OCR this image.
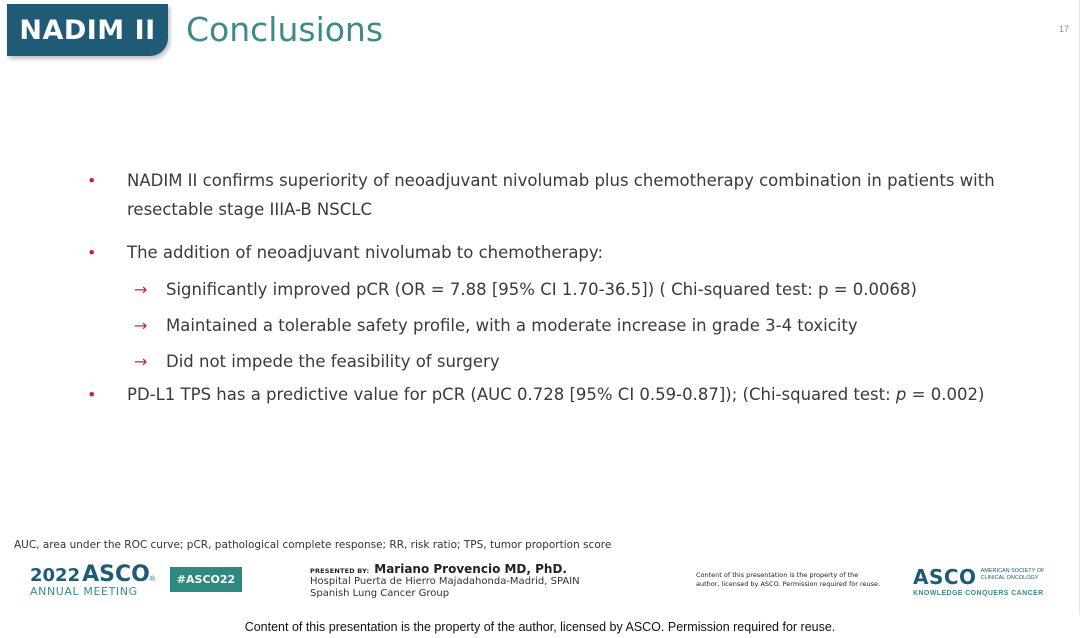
NADIM II Conclusions	17
• NADIM II confirms superiority of neoadjuvant nivolumab plus chemotherapy combination in patients with resectable stage IIIA-B NSCLC
• The addition of neoadjuvant nivolumab to chemotherapy:
→ Significantly improved pCR (OR = 7.88 [95% CI 1.70-36.5]) ( Chi-squared test: p = 0.0068)
→ Maintained a tolerable safety profile, with a moderate increase in grade 3-4 toxicity
→ Did not impede the feasibility of surgery
• PD-L1 TPS has a predictive value for pCR (AUC 0.728 [95% CI 0.59-0.87]); (Chi-squared test: p = 0.002)
AUC, area under the ROC curve; pCR, pathological complete response; RR, risk ratio; TPS, tumor proportion score
2022 ASCO ®
ANNUAL MEETING
#ASCO22
PRESENTED BY: Mariano Provencio MD, PhD.
Hospital Puerta de Hierro Majadahonda-Madrid, SPAIN
Spanish Lung Cancer Group
Content of this presentation is the property of the
author, licensed by ASCO. Permission required for reuse.	ASCO AMERICAN SOCIETY OF
CLINICAL ONCOLOGY
KNOWLEDGE CONQUERS CANCER
Content of this presentation is the property of the author, licensed by ASCO. Permission required for reuse.
